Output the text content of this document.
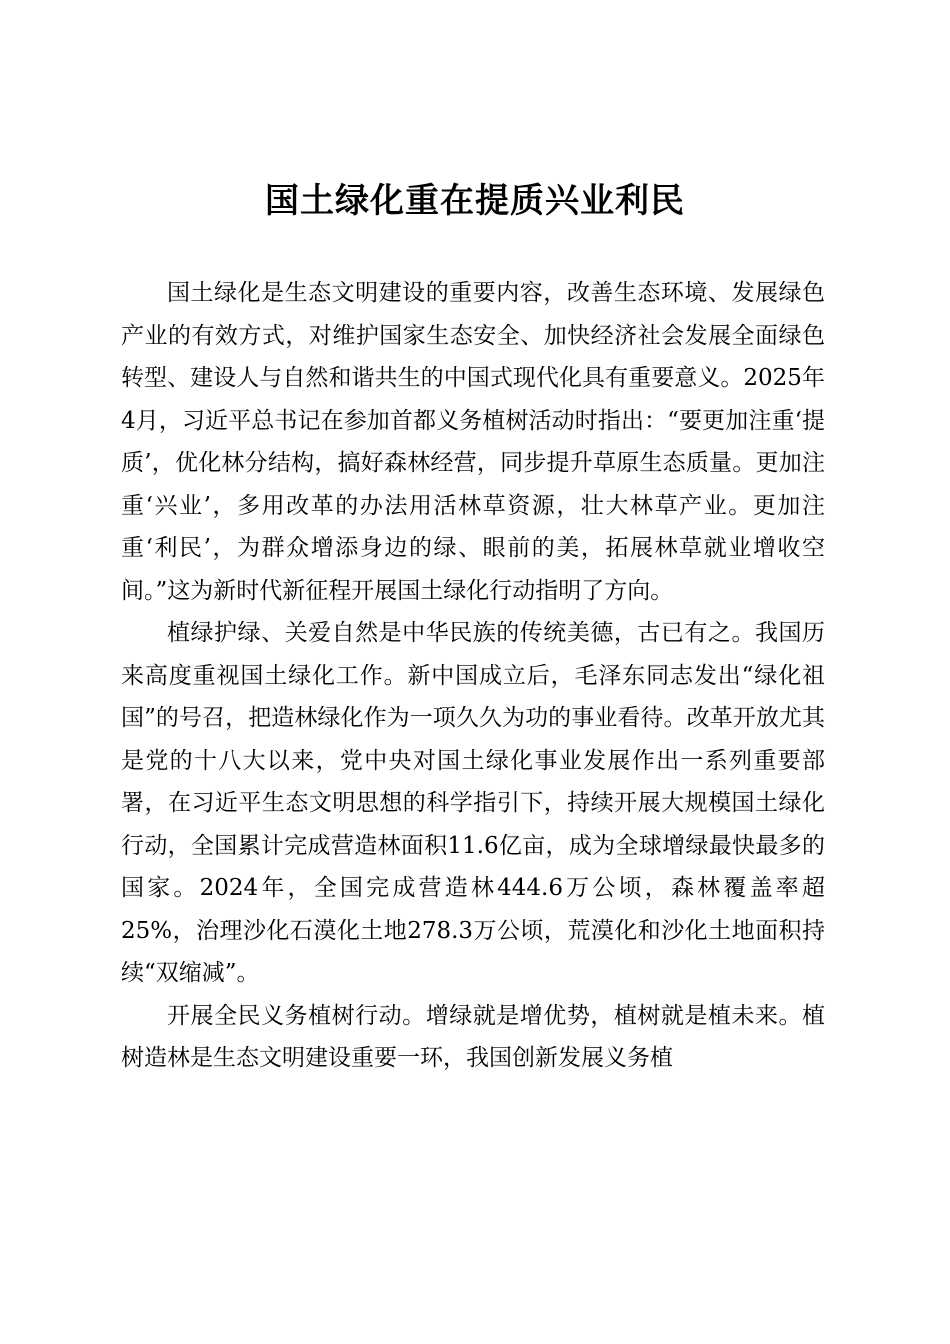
国土绿化重在提质兴业利民

国土绿化是生态文明建设的重要内容，改善生态环境、发展绿色产业的有效方式，对维护国家生态安全、加快经济社会发展全面绿色转型、建设人与自然和谐共生的中国式现代化具有重要意义。2025年4月，习近平总书记在参加首都义务植树活动时指出：“要更加注重‘提质’，优化林分结构，搞好森林经营，同步提升草原生态质量。更加注重‘兴业’，多用改革的办法用活林草资源，壮大林草产业。更加注重‘利民’，为群众增添身边的绿、眼前的美，拓展林草就业增收空间。”这为新时代新征程开展国土绿化行动指明了方向。

植绿护绿、关爱自然是中华民族的传统美德，古已有之。我国历来高度重视国土绿化工作。新中国成立后，毛泽东同志发出“绿化祖国”的号召，把造林绿化作为一项久久为功的事业看待。改革开放尤其是党的十八大以来，党中央对国土绿化事业发展作出一系列重要部署，在习近平生态文明思想的科学指引下，持续开展大规模国土绿化行动，全国累计完成营造林面积11.6亿亩，成为全球增绿最快最多的国家。2024年，全国完成营造林444.6万公顷，森林覆盖率超25%，治理沙化石漠化土地278.3万公顷，荒漠化和沙化土地面积持续“双缩减”。

开展全民义务植树行动。增绿就是增优势，植树就是植未来。植树造林是生态文明建设重要一环，我国创新发展义务植
